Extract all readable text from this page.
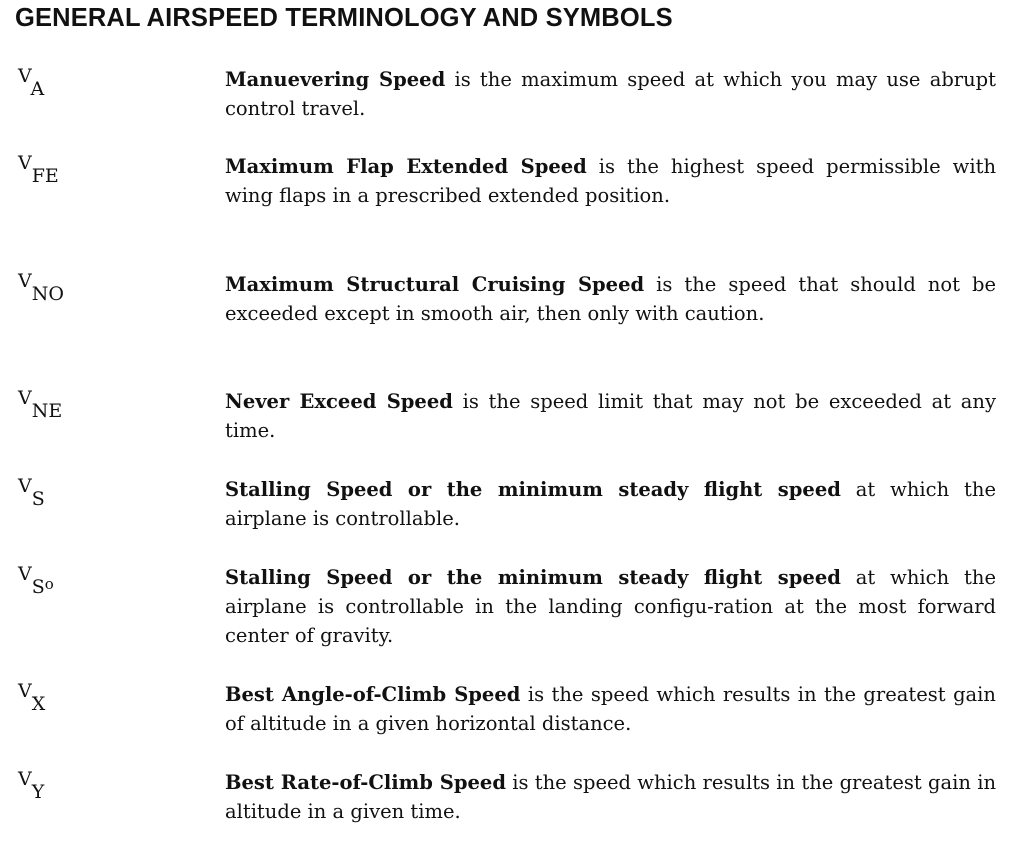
GENERAL AIRSPEED TERMINOLOGY AND SYMBOLS
VA	Manuevering Speed is the maximum speed at which you may use abrupt control travel.
VFE	Maximum Flap Extended Speed is the highest speed permissible with wing flaps in a prescribed extended position.
VNO	Maximum Structural Cruising Speed is the speed that should not be exceeded except in smooth air, then only with caution.
VNE	Never Exceed Speed is the speed limit that may not be exceeded at any time.
VS	Stalling Speed or the minimum steady flight speed at which the airplane is controllable.
$VS_o$	Stalling Speed or the minimum steady flight speed at which the airplane is controllable in the landing configu-ration at the most forward center of gravity.
VX	Best Angle-of-Climb Speed is the speed which results in the greatest gain of altitude in a given horizontal distance.
VY	Best Rate-of-Climb Speed is the speed which results in the greatest gain in altitude in a given time.
